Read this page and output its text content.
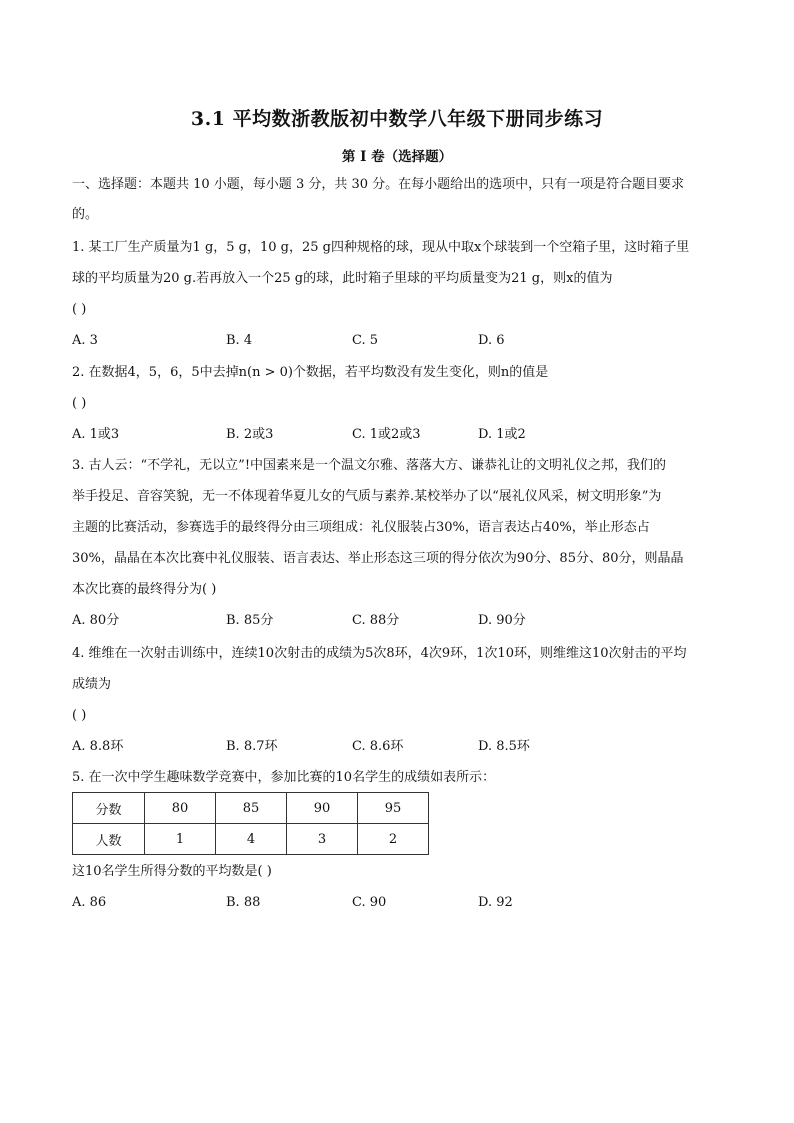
3.1 平均数浙教版初中数学八年级下册同步练习
第 I 卷（选择题）
一、选择题：本题共 10 小题，每小题 3 分，共 30 分。在每小题给出的选项中，只有一项是符合题目要求
的。
1. 某工厂生产质量为1 g，5 g，10 g，25 g四种规格的球，现从中取x个球装到一个空箱子里，这时箱子里
球的平均质量为20 g.若再放入一个25 g的球，此时箱子里球的平均质量变为21 g，则x的值为
( )
A. 3	B. 4	C. 5	D. 6
2. 在数据4，5，6，5中去掉n(n > 0)个数据，若平均数没有发生变化，则n的值是
( )
A. 1或3	B. 2或3	C. 1或2或3	D. 1或2
3. 古人云：“不学礼，无以立”!中国素来是一个温文尔雅、落落大方、谦恭礼让的文明礼仪之邦，我们的
举手投足、音容笑貌，无一不体现着华夏儿女的气质与素养.某校举办了以“展礼仪风采，树文明形象”为
主题的比赛活动，参赛选手的最终得分由三项组成：礼仪服装占30%，语言表达占40%，举止形态占
30%，晶晶在本次比赛中礼仪服装、语言表达、举止形态这三项的得分依次为90分、85分、80分，则晶晶
本次比赛的最终得分为( )
A. 80分	B. 85分	C. 88分	D. 90分
4. 维维在一次射击训练中，连续10次射击的成绩为5次8环，4次9环，1次10环，则维维这10次射击的平均
成绩为
( )
A. 8.8环	B. 8.7环	C. 8.6环	D. 8.5环
5. 在一次中学生趣味数学竞赛中，参加比赛的10名学生的成绩如表所示：
分数	80	85	90	95
人数	1	4	3	2
这10名学生所得分数的平均数是( )
A. 86	B. 88	C. 90	D. 92
